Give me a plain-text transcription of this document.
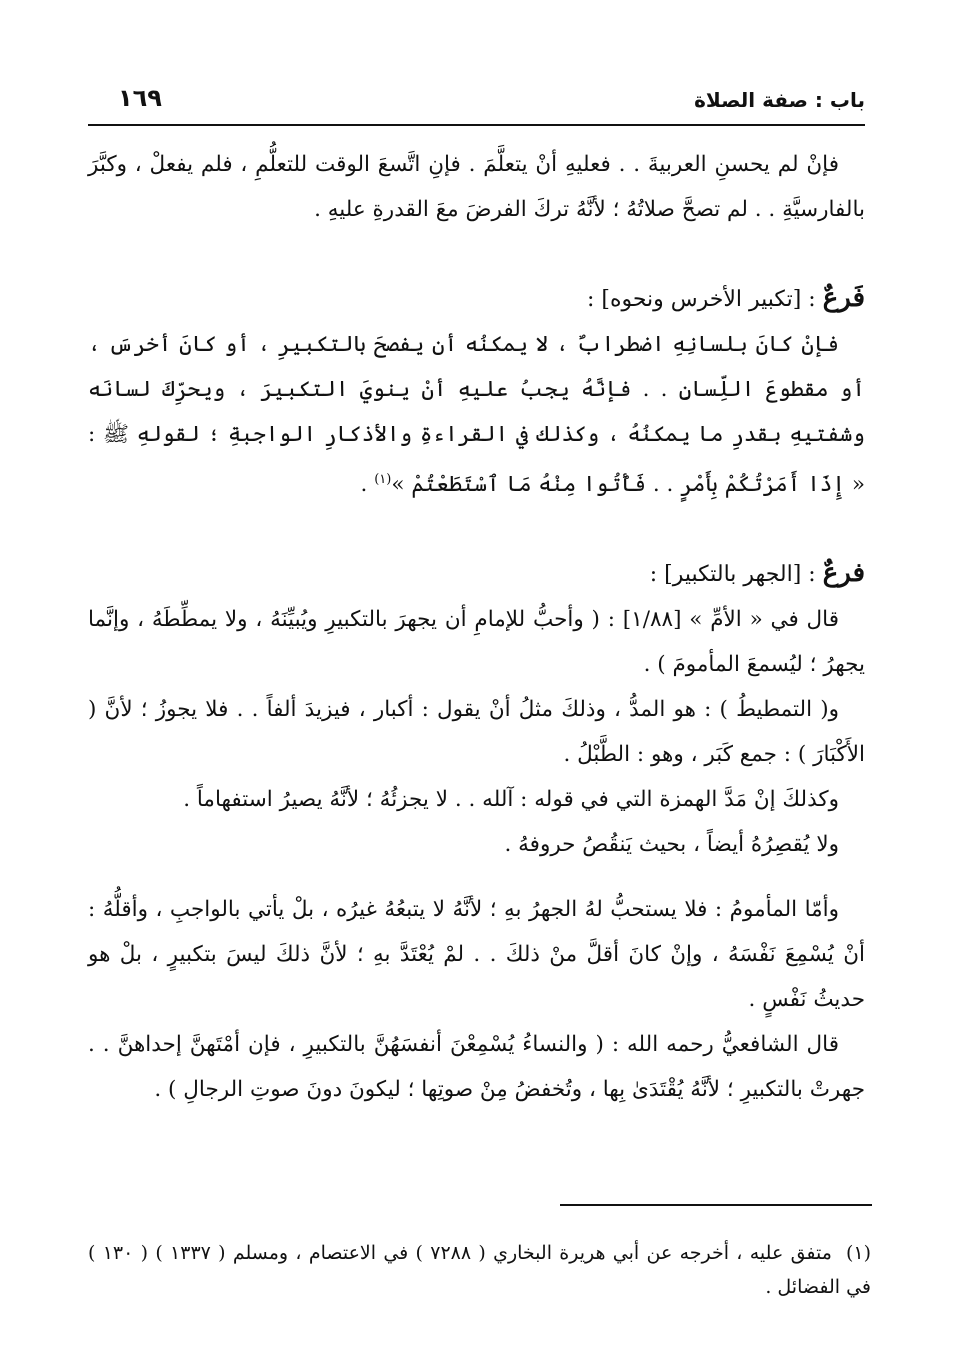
باب : صفة الصلاة
١٦٩

فإنْ لم يحسنِ العربيةَ . . فعليهِ أنْ يتعلَّمَ . فإنِ اتَّسعَ الوقت للتعلُّمِ ، فلم يفعلْ ، وكبَّرَ بالفارسيَّةِ . . لم تصحَّ صلاتُهُ ؛ لأنَّهُ تركَ الفرضَ معَ القدرةِ عليهِ .

فَرعٌ : [تكبير الأخرس ونحوه] :

فإنْ كانَ بلسانِهِ اضطرابٌ ، لا يمكنُه أن يفصحَ بالتكبيرِ ، أو كانَ أخرسَ ، أو مقطوعَ اللِّسانِ . . فإنَّهُ يجبُ عليهِ أنْ ينويَ التكبيرَ ، ويحرِّكَ لسانَه وشفتيهِ بقدرِ ما يمكنُهُ ، وكذلك في القراءةِ والأذكارِ الواجبةِ ؛ لقولهِ ﷺ : « إِذَا أَمَرْتُكُمْ بِأَمْرٍ . . فَأْتُوا مِنْهُ مَا ٱسْتَطَعْتُمْ »$^{(١)}$ .

فرعٌ : [الجهر بالتكبير] :

قال في « الأمِّ » [١/٨٨] : ( وأحبُّ للإمامِ أن يجهرَ بالتكبيرِ ويُبيِّنَهُ ، ولا يمطِّطَهُ ، وإنَّما يجهرُ ؛ ليُسمعَ المأمومَ ) .

و( التمطيطُ ) : هو المدُّ ، وذلكَ مثلُ أنْ يقول : أكبار ، فيزيدَ ألفاً . . فلا يجوزُ ؛ لأنَّ ( الأَكْبَارَ ) : جمع كَبَر ، وهو : الطَّبْلُ .

وكذلكَ إنْ مَدَّ الهمزة التي في قوله : آلله . . لا يجزئُهُ ؛ لأنَّهُ يصيرُ استفهاماً .

ولا يُقصِرُهُ أيضاً ، بحيث يَنقُصُ حروفهُ .

وأمّا المأمومُ : فلا يستحبُّ لهُ الجهرُ بهِ ؛ لأنَّهُ لا يتبعُهُ غيرُه ، بلْ يأتي بالواجبِ ، وأقلُّهُ : أنْ يُسْمِعَ نَفْسَهُ ، وإنْ كانَ أقلَّ منْ ذلكَ . . لمْ يُعْتَدَّ بهِ ؛ لأنَّ ذلكَ ليسَ بتكبيرٍ ، بلْ هو حديثُ نَفْسٍ .

قال الشافعيُّ رحمه الله : ( والنساءُ يُسْمِعْنَ أنفسَهُنَّ بالتكبيرِ ، فإن أمْتَهنَّ إحداهنَّ . . جهرتْ بالتكبيرِ ؛ لأنَّهُ يُقْتَدَىٰ بِها ، وتُخفضُ مِنْ صوتِها ؛ ليكونَ دونَ صوتِ الرجالِ ) .

(١)متفق عليه ، أخرجه عن أبي هريرة البخاري ( ٧٢٨٨ ) في الاعتصام ، ومسلم ( ١٣٣٧ ) ( ١٣٠ ) في الفضائل .
